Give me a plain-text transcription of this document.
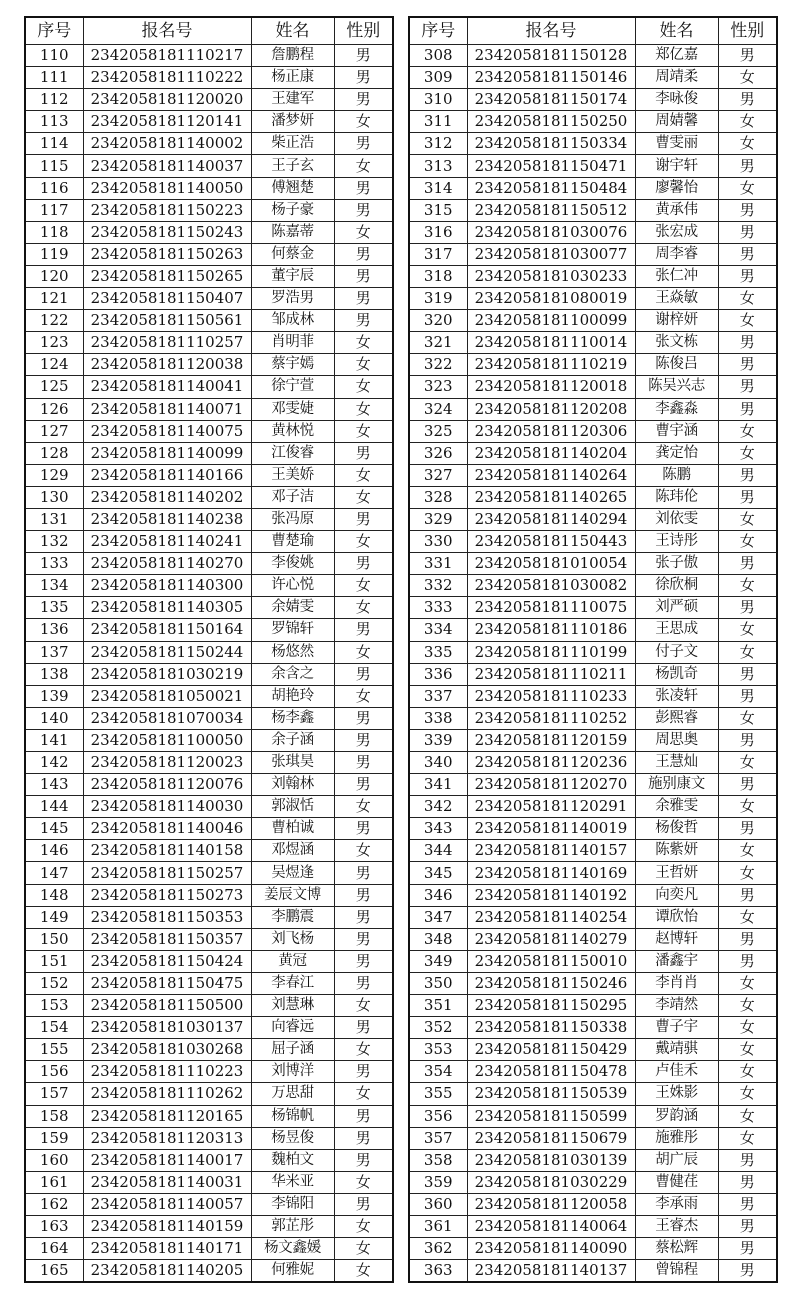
序号	报名号	姓名	性别
110	2342058181110217	詹鹏程	男
111	2342058181110222	杨正康	男
112	2342058181120020	王建军	男
113	2342058181120141	潘梦妍	女
114	2342058181140002	柴正浩	男
115	2342058181140037	王子玄	女
116	2342058181140050	傅翘楚	男
117	2342058181150223	杨子豪	男
118	2342058181150243	陈嘉蒂	女
119	2342058181150263	何蔡金	男
120	2342058181150265	董宇辰	男
121	2342058181150407	罗浩男	男
122	2342058181150561	邹成林	男
123	2342058181110257	肖明菲	女
124	2342058181120038	蔡宇嫣	女
125	2342058181140041	徐宁萱	女
126	2342058181140071	邓雯婕	女
127	2342058181140075	黄林悦	女
128	2342058181140099	江俊睿	男
129	2342058181140166	王美娇	女
130	2342058181140202	邓子洁	女
131	2342058181140238	张冯原	男
132	2342058181140241	曹楚瑜	女
133	2342058181140270	李俊姚	男
134	2342058181140300	许心悦	女
135	2342058181140305	余婧雯	女
136	2342058181150164	罗锦轩	男
137	2342058181150244	杨悠然	女
138	2342058181030219	余含之	男
139	2342058181050021	胡艳玲	女
140	2342058181070034	杨李鑫	男
141	2342058181100050	余子涵	男
142	2342058181120023	张琪昊	男
143	2342058181120076	刘翰林	男
144	2342058181140030	郭淑恬	女
145	2342058181140046	曹柏诚	男
146	2342058181140158	邓煜涵	女
147	2342058181150257	吴煜逢	男
148	2342058181150273	姜辰文博	男
149	2342058181150353	李鹏震	男
150	2342058181150357	刘飞杨	男
151	2342058181150424	黄冠	男
152	2342058181150475	李春江	男
153	2342058181150500	刘慧琳	女
154	2342058181030137	向睿远	男
155	2342058181030268	屈子涵	女
156	2342058181110223	刘博洋	男
157	2342058181110262	万思甜	女
158	2342058181120165	杨锦帆	男
159	2342058181120313	杨昱俊	男
160	2342058181140017	魏柏文	男
161	2342058181140031	华米亚	女
162	2342058181140057	李锦阳	男
163	2342058181140159	郭芷彤	女
164	2342058181140171	杨文鑫媛	女
165	2342058181140205	何雅妮	女
序号	报名号	姓名	性别
308	2342058181150128	郑亿嘉	男
309	2342058181150146	周靖柔	女
310	2342058181150174	李咏俊	男
311	2342058181150250	周婧馨	女
312	2342058181150334	曹雯丽	女
313	2342058181150471	谢宇轩	男
314	2342058181150484	廖馨怡	女
315	2342058181150512	黄承伟	男
316	2342058181030076	张宏成	男
317	2342058181030077	周李睿	男
318	2342058181030233	张仁冲	男
319	2342058181080019	王焱敏	女
320	2342058181100099	谢梓妍	女
321	2342058181110014	张文栋	男
322	2342058181110219	陈俊吕	男
323	2342058181120018	陈吴兴志	男
324	2342058181120208	李鑫淼	男
325	2342058181120306	曹宇涵	女
326	2342058181140204	龚定怡	女
327	2342058181140264	陈鹏	男
328	2342058181140265	陈玮伦	男
329	2342058181140294	刘依雯	女
330	2342058181150443	王诗彤	女
331	2342058181010054	张子傲	男
332	2342058181030082	徐欣桐	女
333	2342058181110075	刘严硕	男
334	2342058181110186	王思成	女
335	2342058181110199	付子文	女
336	2342058181110211	杨凯奇	男
337	2342058181110233	张凌轩	男
338	2342058181110252	彭熙睿	女
339	2342058181120159	周思奥	男
340	2342058181120236	王慧灿	女
341	2342058181120270	施别康文	男
342	2342058181120291	余雅雯	女
343	2342058181140019	杨俊哲	男
344	2342058181140157	陈紫妍	女
345	2342058181140169	王哲妍	女
346	2342058181140192	向奕凡	男
347	2342058181140254	谭欣怡	女
348	2342058181140279	赵博轩	男
349	2342058181150010	潘鑫宇	男
350	2342058181150246	李肖肖	女
351	2342058181150295	李靖然	女
352	2342058181150338	曹子宇	女
353	2342058181150429	戴靖骐	女
354	2342058181150478	卢佳禾	女
355	2342058181150539	王姝影	女
356	2342058181150599	罗韵涵	女
357	2342058181150679	施雅彤	女
358	2342058181030139	胡广辰	男
359	2342058181030229	曹健荏	男
360	2342058181120058	李承雨	男
361	2342058181140064	王睿杰	男
362	2342058181140090	蔡松辉	男
363	2342058181140137	曾锦程	男
